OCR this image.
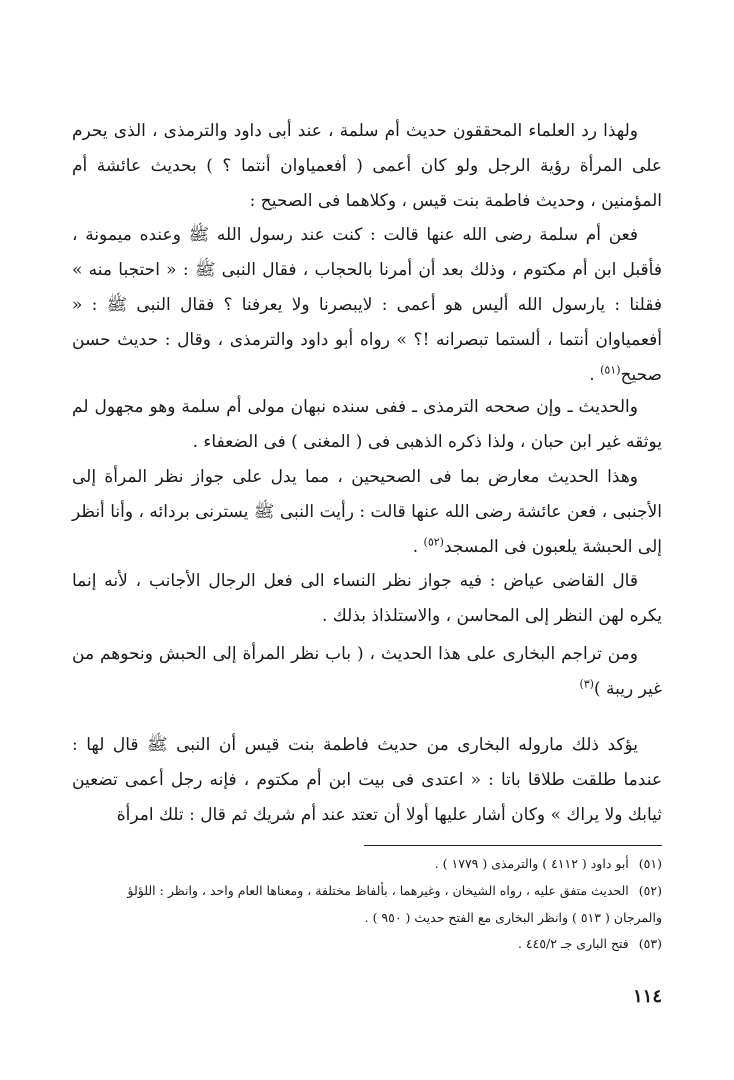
ولهذا رد العلماء المحققون حديث أم سلمة ، عند أبى داود والترمذى ، الذى يحرم على المرأة رؤية الرجل ولو كان أعمى ( أفعمياوان أنتما ؟ ) بحديث عائشة أم المؤمنين ، وحديث فاطمة بنت قيس ، وكلاهما فى الصحيح :

فعن أم سلمة رضى الله عنها قالت : كنت عند رسول الله ﷺ وعنده ميمونة ، فأقبل ابن أم مكتوم ، وذلك بعد أن أمرنا بالحجاب ، فقال النبى ﷺ : « احتجبا منه » فقلنا : يارسول الله أليس هو أعمى : لايبصرنا ولا يعرفنا ؟ فقال النبى ﷺ : « أفعمياوان أنتما ، ألستما تبصرانه !؟ » رواه أبو داود والترمذى ، وقال : حديث حسن صحيح$^{(٥١)}$ .

والحديث ـ وإن صححه الترمذى ـ ففى سنده نبهان مولى أم سلمة وهو مجهول لم يوثقه غير ابن حبان ، ولذا ذكره الذهبى فى ( المغنى ) فى الضعفاء .

وهذا الحديث معارض بما فى الصحيحين ، مما يدل على جواز نظر المرأة إلى الأجنبى ، فعن عائشة رضى الله عنها قالت : رأيت النبى ﷺ يسترنى بردائه ، وأنا أنظر إلى الحبشة يلعبون فى المسجد$^{(٥٢)}$ .

قال القاضى عياض : فيه جواز نظر النساء الى فعل الرجال الأجانب ، لأنه إنما يكره لهن النظر إلى المحاسن ، والاستلذاذ بذلك .

ومن تراجم البخارى على هذا الحديث ، ( باب نظر المرأة إلى الحبش ونحوهم من غير ريبة )$^{(٣)}$

يؤكد ذلك ماروله البخارى من حديث فاطمة بنت قيس أن النبى ﷺ قال لها : عندما طلقت طلاقا باتا : « اعتدى فى بيت ابن أم مكتوم ، فإنه رجل أعمى تضعين ثيابك ولا يراك » وكان أشار عليها أولا أن تعتد عند أم شريك ثم قال : تلك امرأة

(٥١)أبو داود ( ٤١١٢ ) والترمذى ( ١٧٧٩ ) .

(٥٢)الحديث متفق عليه ، رواه الشيخان ، وغيرهما ، بألفاظ مختلفة ، ومعناها العام واحد ، وانظر : اللؤلؤ

والمرجان ( ٥١٣ ) وانظر البخارى مع الفتح حديث ( ٩٥٠ ) .

(٥٣)فتح البارى جـ ٤٤٥/٢ .

١١٤
